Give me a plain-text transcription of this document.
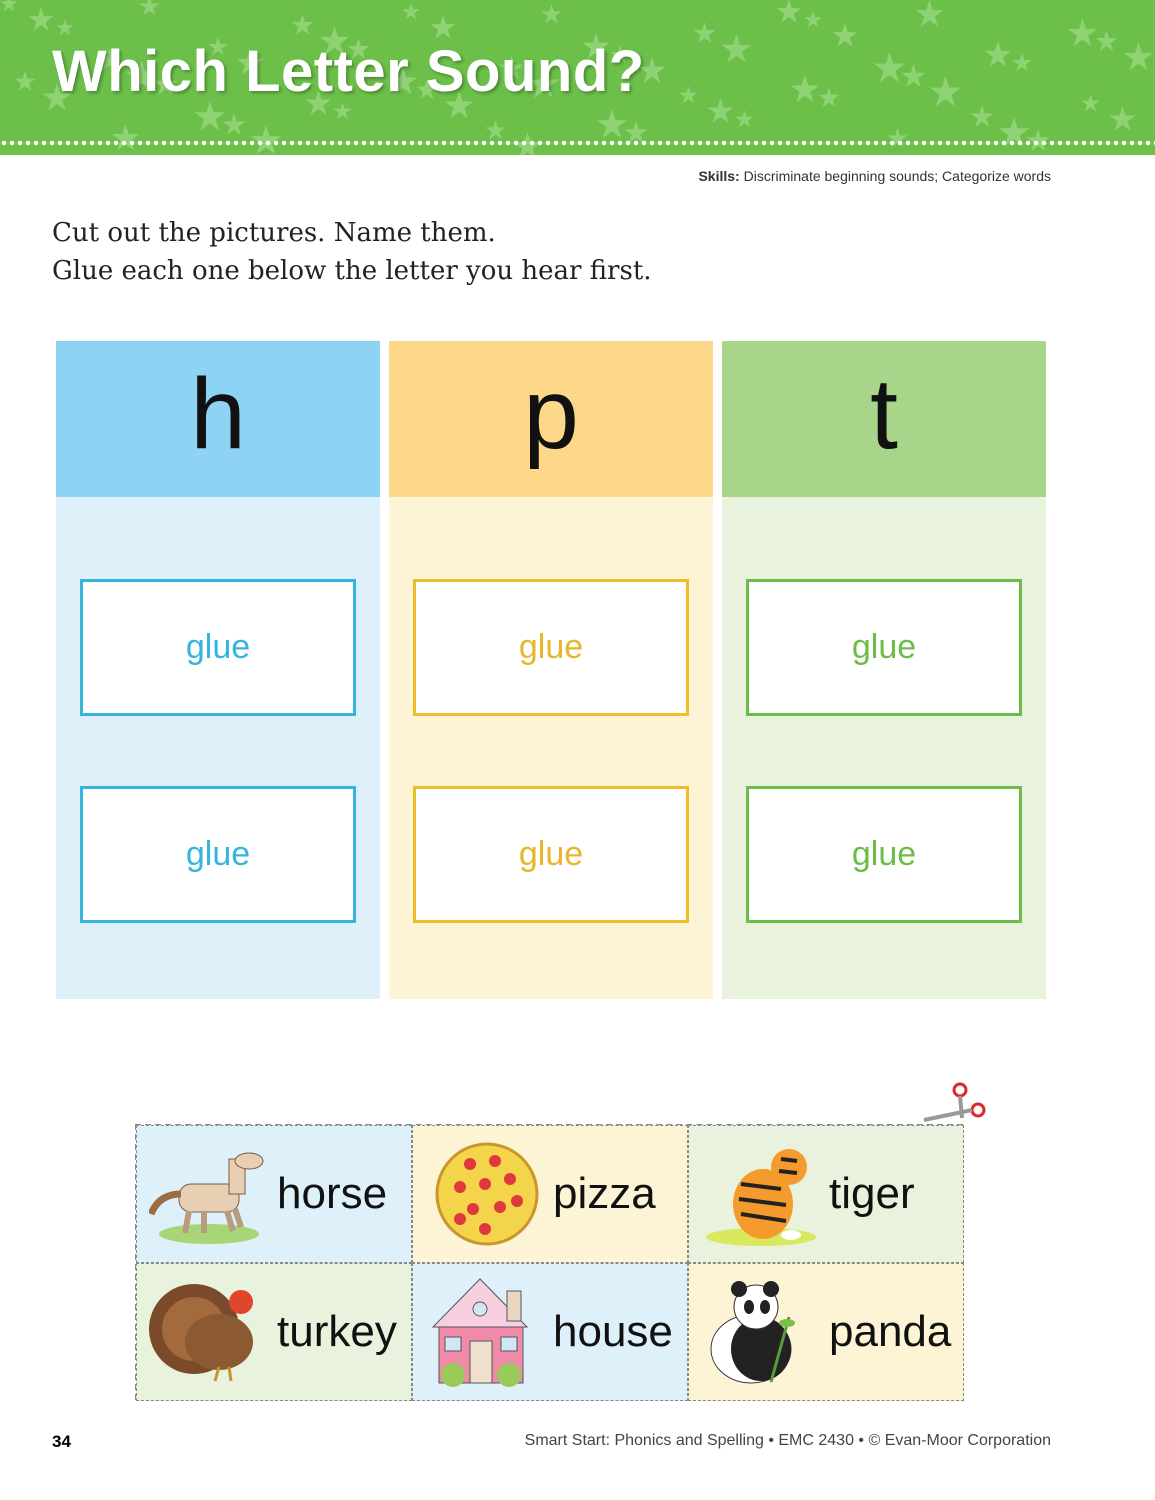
Which Letter Sound?
Skills: Discriminate beginning sounds; Categorize words
Cut out the pictures. Name them.
Glue each one below the letter you hear first.
h
glue
glue
p
glue
glue
t
glue
glue
horse	pizza	tiger
turkey	house	panda
34	Smart Start: Phonics and Spelling • EMC 2430 • © Evan-Moor Corporation
